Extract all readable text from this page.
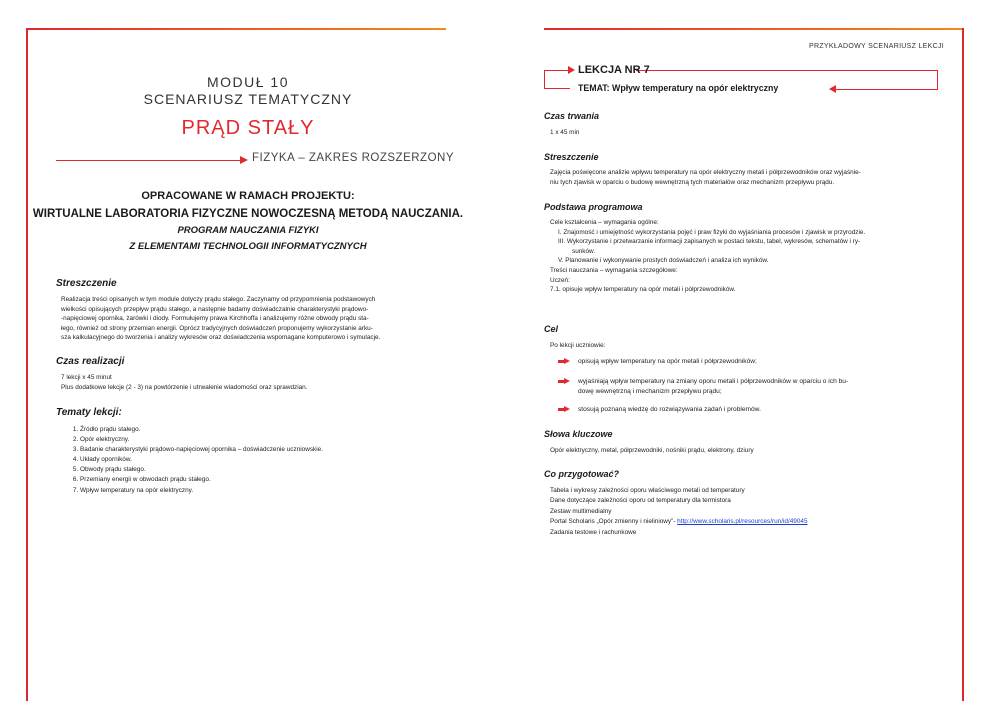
MODUŁ 10
SCENARIUSZ TEMATYCZNY
PRĄD STAŁY
FIZYKA – ZAKRES ROZSZERZONY
OPRACOWANE W RAMACH PROJEKTU:
WIRTUALNE LABORATORIA FIZYCZNE NOWOCZESNĄ METODĄ NAUCZANIA.
PROGRAM NAUCZANIA FIZYKI
Z ELEMENTAMI TECHNOLOGII INFORMATYCZNYCH
Streszczenie

Realizacja treści opisanych w tym module dotyczy prądu stałego. Zaczynamy od przypomnienia podstawowych

wielkości opisujących przepływ prądu stałego, a następnie badamy doświadczalnie charakterystyki prądowo-

-napięciowej opornika, żarówki i diody. Formułujemy prawa Kirchhoffa i analizujemy różne obwody prądu sta-

łego, również od strony przemian energii. Oprócz tradycyjnych doświadczeń proponujemy wykorzystanie arku-

sza kalkulacyjnego do tworzenia i analizy wykresów oraz doświadczenia wspomagane komputerowo i symulacje.

Czas realizacji

7 lekcji x 45 minut

Plus dodatkowe lekcje (2 - 3) na powtórzenie i utrwalenie wiadomości oraz sprawdzian.

Tematy lekcji:
1. Źródło prądu stałego.
2. Opór elektryczny.
3. Badanie charakterystyki prądowo-napięciowej opornika – doświadczenie uczniowskie.
4. Układy oporników.
5. Obwody prądu stałego.
6. Przemiany energii w obwodach prądu stałego.
7. Wpływ temperatury na opór elektryczny.
PRZYKŁADOWY SCENARIUSZ LEKCJI
LEKCJA NR 7
TEMAT: Wpływ temperatury na opór elektryczny
Czas trwania
1 x 45 min
Streszczenie

Zajęcia poświęcone analizie wpływu temperatury na opór elektryczny metali i półprzewodników oraz wyjaśnie-

niu tych zjawisk w oparciu o budowę wewnętrzną tych materiałów oraz mechanizm przepływu prądu.

Podstawa programowa

Cele kształcenia – wymagania ogólne:

I. Znajomość i umiejętność wykorzystania pojęć i praw fizyki do wyjaśniania procesów i zjawisk w przyrodzie.

III. Wykorzystanie i przetwarzanie informacji zapisanych w postaci tekstu, tabel, wykresów, schematów i ry-

sunków.

V. Planowanie i wykonywanie prostych doświadczeń i analiza ich wyników.

Treści nauczania – wymagania szczegółowe:

Uczeń:

7.1. opisuje wpływ temperatury na opór metali i półprzewodników.

Cel
Po lekcji uczniowie:
opisują wpływ temperatury na opór metali i półprzewodników;
wyjaśniają wpływ temperatury na zmiany oporu metali i półprzewodników w oparciu o ich bu-
dowę wewnętrzną i mechanizm przepływu prądu;
stosują poznaną wiedzę do rozwiązywania zadań i problemów.
Słowa kluczowe
Opór elektryczny, metal, półprzewodniki, nośniki prądu, elektrony, dziury
Co przygotować?

Tabela i wykresy zależności oporu właściwego metali od temperatury

Dane dotyczące zależności oporu od temperatury dla termistora

Zestaw multimedialny

Portal Scholaris „Opór zmienny i nieliniowy”- http://www.scholaris.pl/resources/run/id/49045

Zadania testowe i rachunkowe
